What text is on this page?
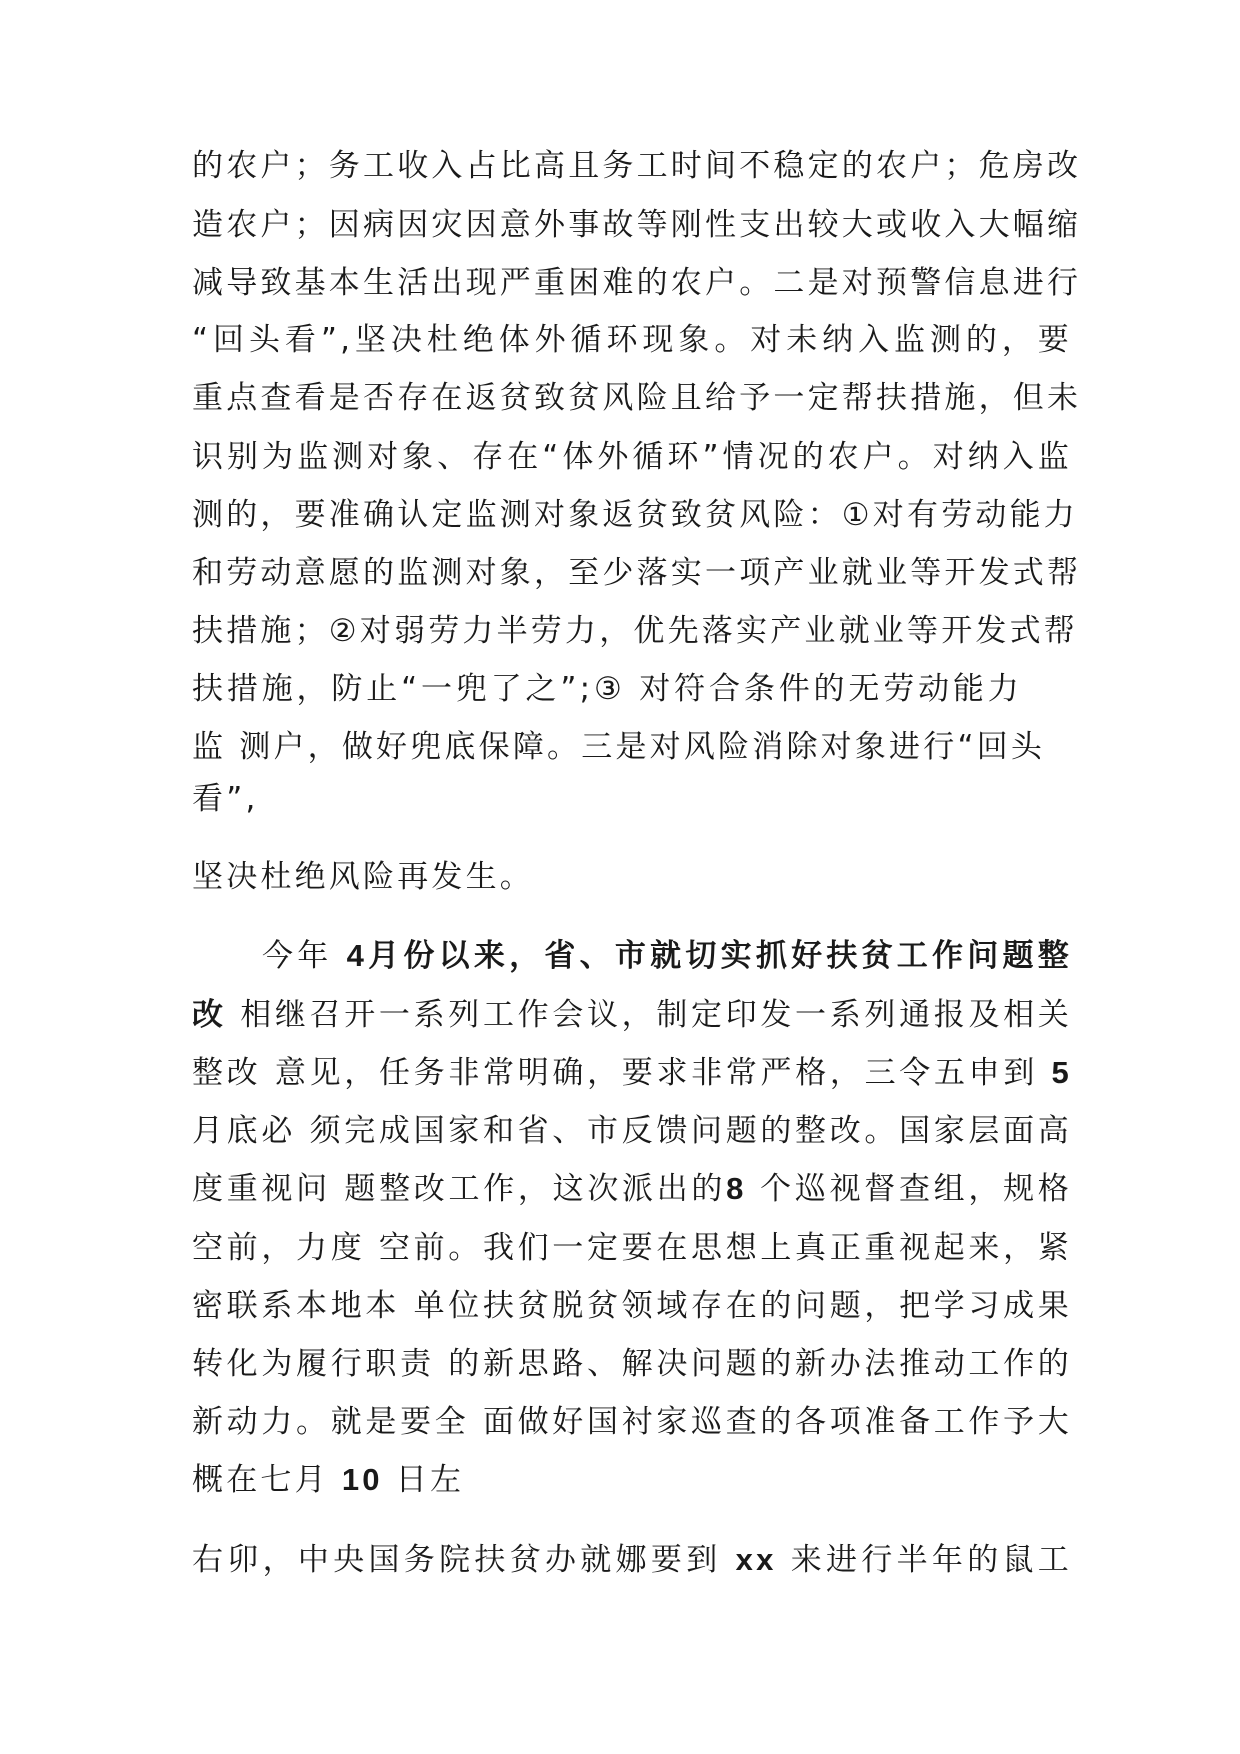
的农户；务工收入占比高且务工时间不稳定的农户；危房改
造农户；因病因灾因意外事故等刚性支出较大或收入大幅缩
减导致基本生活出现严重困难的农户。二是对预警信息进行
“回头看”,坚决杜绝体外循环现象。对未纳入监测的，要
重点查看是否存在返贫致贫风险且给予一定帮扶措施，但未
识别为监测对象、存在“体外循环”情况的农户。对纳入监
测的，要准确认定监测对象返贫致贫风险：①对有劳动能力
和劳动意愿的监测对象，至少落实一项产业就业等开发式帮
扶措施；②对弱劳力半劳力，优先落实产业就业等开发式帮
扶措施，防止“一兜了之”;③ 对符合条件的无劳动能力
监 测户，做好兜底保障。三是对风险消除对象进行“回头
看”,
坚决杜绝风险再发生。
今年 4月份以来，省、市就切实抓好扶贫工作问题整
改 相继召开一系列工作会议，制定印发一系列通报及相关
整改 意见，任务非常明确，要求非常严格，三令五申到 5
月底必 须完成国家和省、市反馈问题的整改。国家层面高
度重视问 题整改工作，这次派出的8 个巡视督查组，规格
空前，力度 空前。我们一定要在思想上真正重视起来，紧
密联系本地本 单位扶贫脱贫领域存在的问题，把学习成果
转化为履行职责 的新思路、解决问题的新办法推动工作的
新动力。就是要全 面做好国衬家巡查的各项准备工作予大
概在七月 10 日左
右卯，中央国务院扶贫办就娜要到 xx 来进行半年的鼠工
